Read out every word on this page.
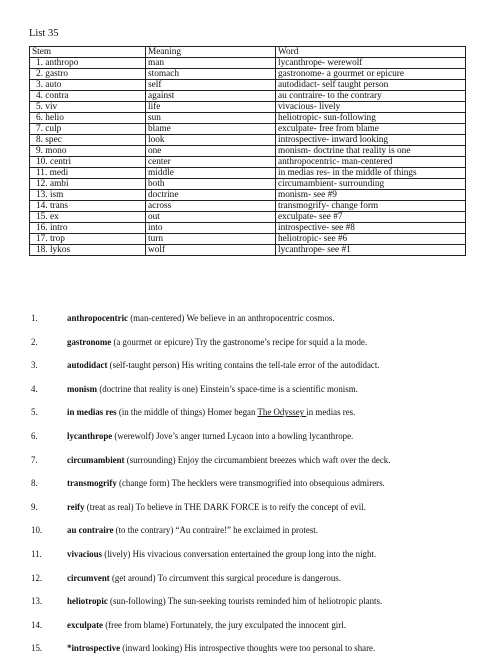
List 35
Stem	Meaning	Word
1. anthropo	man	lycanthrope- werewolf
2. gastro	stomach	gastronome- a gourmet or epicure
3. auto	self	autodidact- self taught person
4. contra	against	au contraire- to the contrary
5. viv	life	vivacious- lively
6. helio	sun	heliotropic- sun-following
7. culp	blame	exculpate- free from blame
8. spec	look	introspective- inward looking
9. mono	one	monism- doctrine that reality is one
10. centri	center	anthropocentric- man-centered
11. medi	middle	in medias res- in the middle of things
12. ambi	both	circumambient- surrounding
13. ism	doctrine	monism- see #9
14. trans	across	transmogrify- change form
15. ex	out	exculpate- see #7
16. intro	into	introspective- see #8
17. trop	turn	heliotropic- see #6
18. lykos	wolf	lycanthrope- see #1
1.	anthropocentric (man-centered) We believe in an anthropocentric cosmos.
2.	gastronome (a gourmet or epicure) Try the gastronome’s recipe for squid a la mode.
3.	autodidact (self-taught person) His writing contains the tell-tale error of the autodidact.
4.	monism (doctrine that reality is one) Einstein’s space-time is a scientific monism.
5.	in medias res (in the middle of things) Homer began The Odyssey in medias res.
6.	lycanthrope (werewolf) Jove’s anger turned Lycaon into a howling lycanthrope.
7.	circumambient (surrounding) Enjoy the circumambient breezes which waft over the deck.
8.	transmogrify (change form) The hecklers were transmogrified into obsequious admirers.
9.	reify (treat as real) To believe in THE DARK FORCE is to reify the concept of evil.
10.	au contraire (to the contrary) “Au contraire!” he exclaimed in protest.
11.	vivacious (lively) His vivacious conversation entertained the group long into the night.
12.	circumvent (get around) To circumvent this surgical procedure is dangerous.
13.	heliotropic (sun-following) The sun-seeking tourists reminded him of heliotropic plants.
14.	exculpate (free from blame) Fortunately, the jury exculpated the innocent girl.
15.	*introspective (inward looking) His introspective thoughts were too personal to share.
